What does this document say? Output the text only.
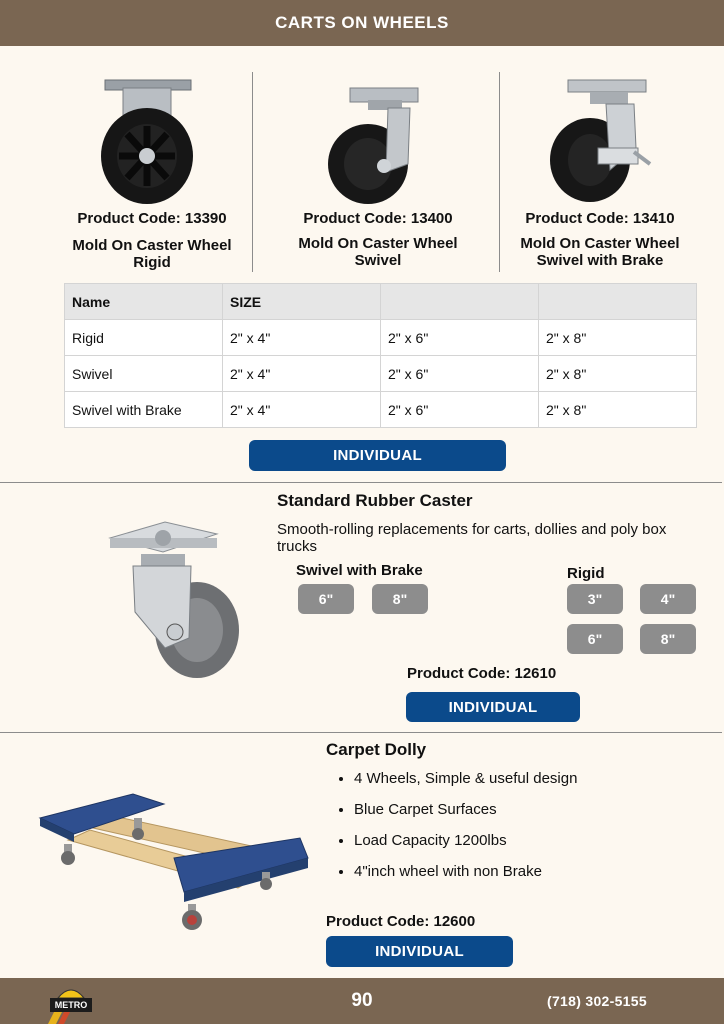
CARTS ON WHEELS
Product Code: 13390
Mold On Caster Wheel
Rigid
Product Code: 13400
Mold On Caster Wheel
Swivel
Product Code: 13410
Mold On Caster Wheel
Swivel with Brake
Name	SIZE		
Rigid	2" x 4"	2" x 6"	2" x 8"
Swivel	2" x 4"	2" x 6"	2" x 8"
Swivel with Brake	2" x 4"	2" x 6"	2" x 8"
INDIVIDUAL
Standard Rubber Caster
Smooth-rolling replacements for carts, dollies and poly box trucks
Swivel with Brake
6"	8"
Rigid
3"	4"
6"	8"
Product Code: 12610
INDIVIDUAL
Carpet Dolly
• 4 Wheels, Simple & useful design
• Blue Carpet Surfaces
• Load Capacity 1200lbs
• 4"inch wheel with non Brake
Product Code: 12600
INDIVIDUAL
METRO	90	(718) 302-5155
